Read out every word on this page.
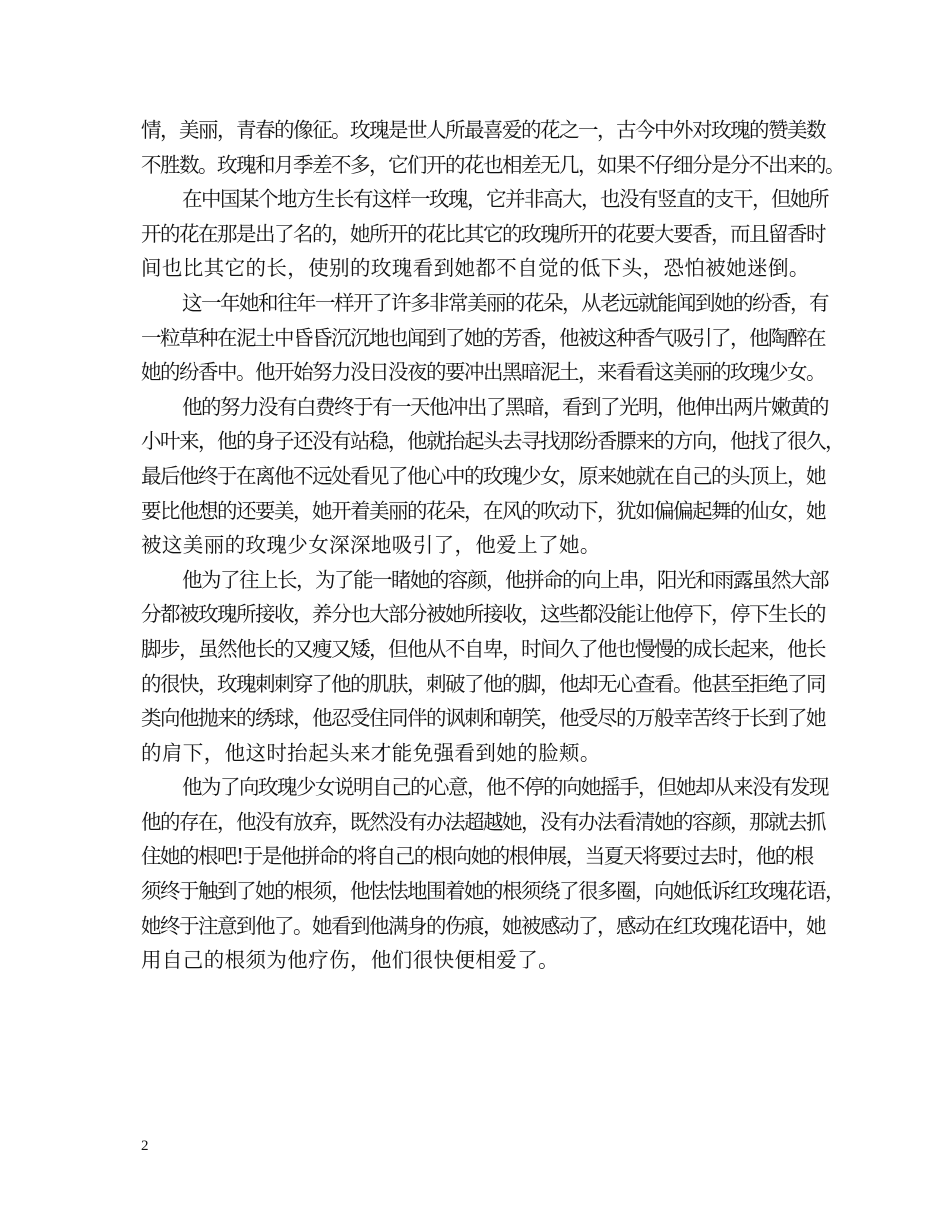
情，美丽，青春的像征。玫瑰是世人所最喜爱的花之一，古今中外对玫瑰的赞美数
不胜数。玫瑰和月季差不多，它们开的花也相差无几，如果不仔细分是分不出来的。
在中国某个地方生长有这样一玫瑰，它并非高大，也没有竖直的支干，但她所
开的花在那是出了名的，她所开的花比其它的玫瑰所开的花要大要香，而且留香时
间也比其它的长，使别的玫瑰看到她都不自觉的低下头，恐怕被她迷倒。
这一年她和往年一样开了许多非常美丽的花朵，从老远就能闻到她的纷香，有
一粒草种在泥土中昏昏沉沉地也闻到了她的芳香，他被这种香气吸引了，他陶醉在
她的纷香中。他开始努力没日没夜的要冲出黑暗泥土，来看看这美丽的玫瑰少女。
他的努力没有白费终于有一天他冲出了黑暗，看到了光明，他伸出两片嫩黄的
小叶来，他的身子还没有站稳，他就抬起头去寻找那纷香膘来的方向，他找了很久，
最后他终于在离他不远处看见了他心中的玫瑰少女，原来她就在自己的头顶上，她
要比他想的还要美，她开着美丽的花朵，在风的吹动下，犹如偏偏起舞的仙女，她
被这美丽的玫瑰少女深深地吸引了，他爱上了她。
他为了往上长，为了能一睹她的容颜，他拼命的向上串，阳光和雨露虽然大部
分都被玫瑰所接收，养分也大部分被她所接收，这些都没能让他停下，停下生长的
脚步，虽然他长的又瘦又矮，但他从不自卑，时间久了他也慢慢的成长起来，他长
的很快，玫瑰刺刺穿了他的肌肤，刺破了他的脚，他却无心查看。他甚至拒绝了同
类向他抛来的绣球，他忍受住同伴的讽刺和朝笑，他受尽的万般幸苦终于长到了她
的肩下，他这时抬起头来才能免强看到她的脸颊。
他为了向玫瑰少女说明自己的心意，他不停的向她摇手，但她却从来没有发现
他的存在，他没有放弃，既然没有办法超越她，没有办法看清她的容颜，那就去抓
住她的根吧!于是他拼命的将自己的根向她的根伸展，当夏天将要过去时，他的根
须终于触到了她的根须，他怯怯地围着她的根须绕了很多圈，向她低诉红玫瑰花语，
她终于注意到他了。她看到他满身的伤痕，她被感动了，感动在红玫瑰花语中，她
用自己的根须为他疗伤，他们很快便相爱了。
2
